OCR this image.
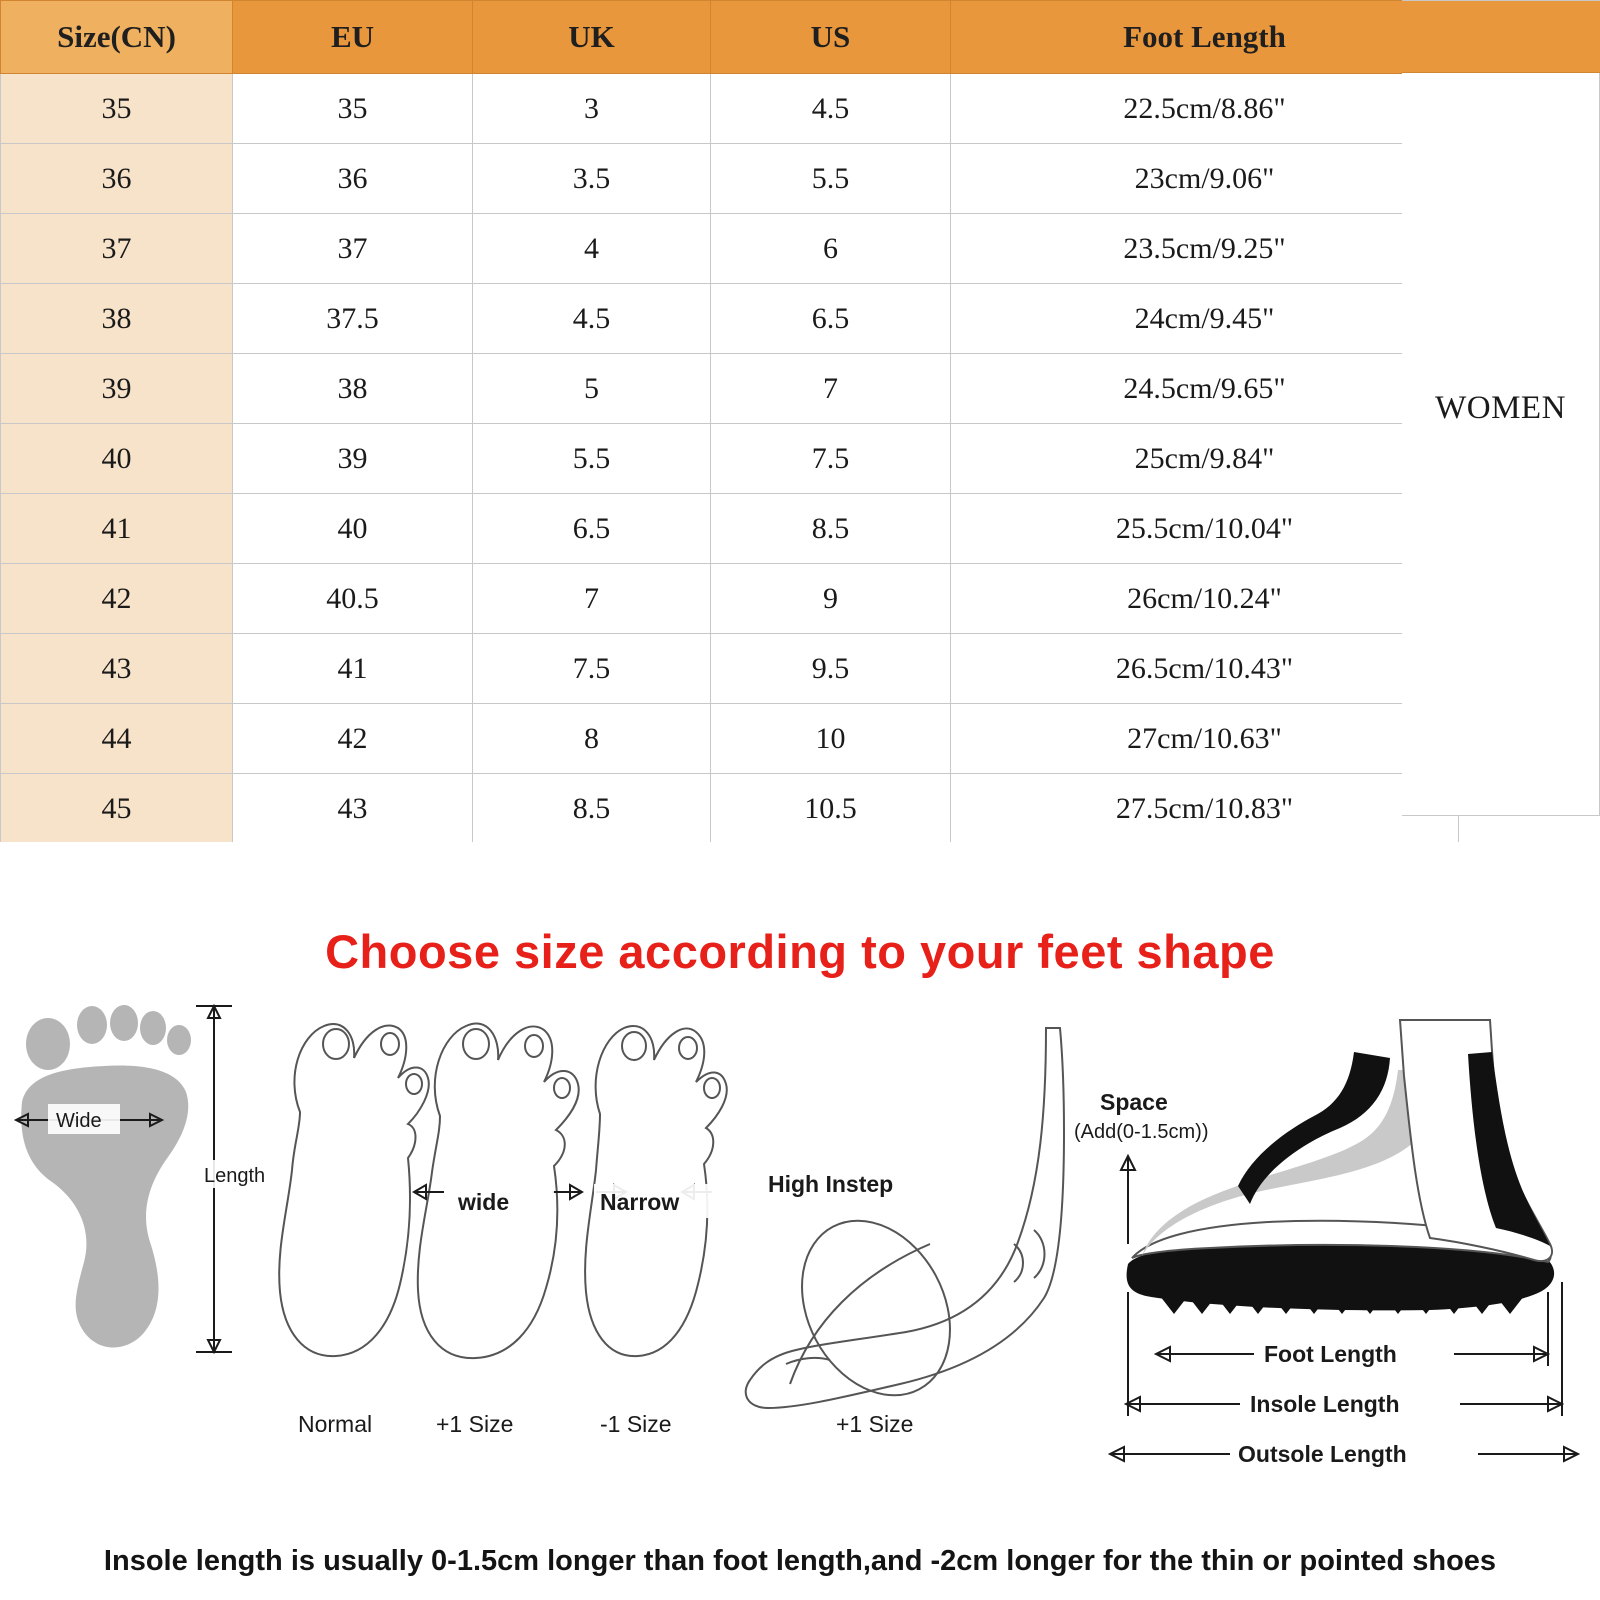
Size(CN)	EU	UK	US	Foot Length
35	35	3	4.5	22.5cm/8.86"
36	36	3.5	5.5	23cm/9.06"
37	37	4	6	23.5cm/9.25"
38	37.5	4.5	6.5	24cm/9.45"
39	38	5	7	24.5cm/9.65"
40	39	5.5	7.5	25cm/9.84"
41	40	6.5	8.5	25.5cm/10.04"
42	40.5	7	9	26cm/10.24"
43	41	7.5	9.5	26.5cm/10.43"
44	42	8	10	27cm/10.63"
45	43	8.5	10.5	27.5cm/10.83"
WOMEN
Choose size according to your feet shape
Wide
Length
Normal
wide
+1 Size
Narrow
-1 Size
High Instep
+1 Size
Space
(Add(0-1.5cm))
Foot Length
Insole Length
Outsole Length
Insole length is usually 0-1.5cm longer than foot length,and -2cm longer for the thin or pointed shoes
